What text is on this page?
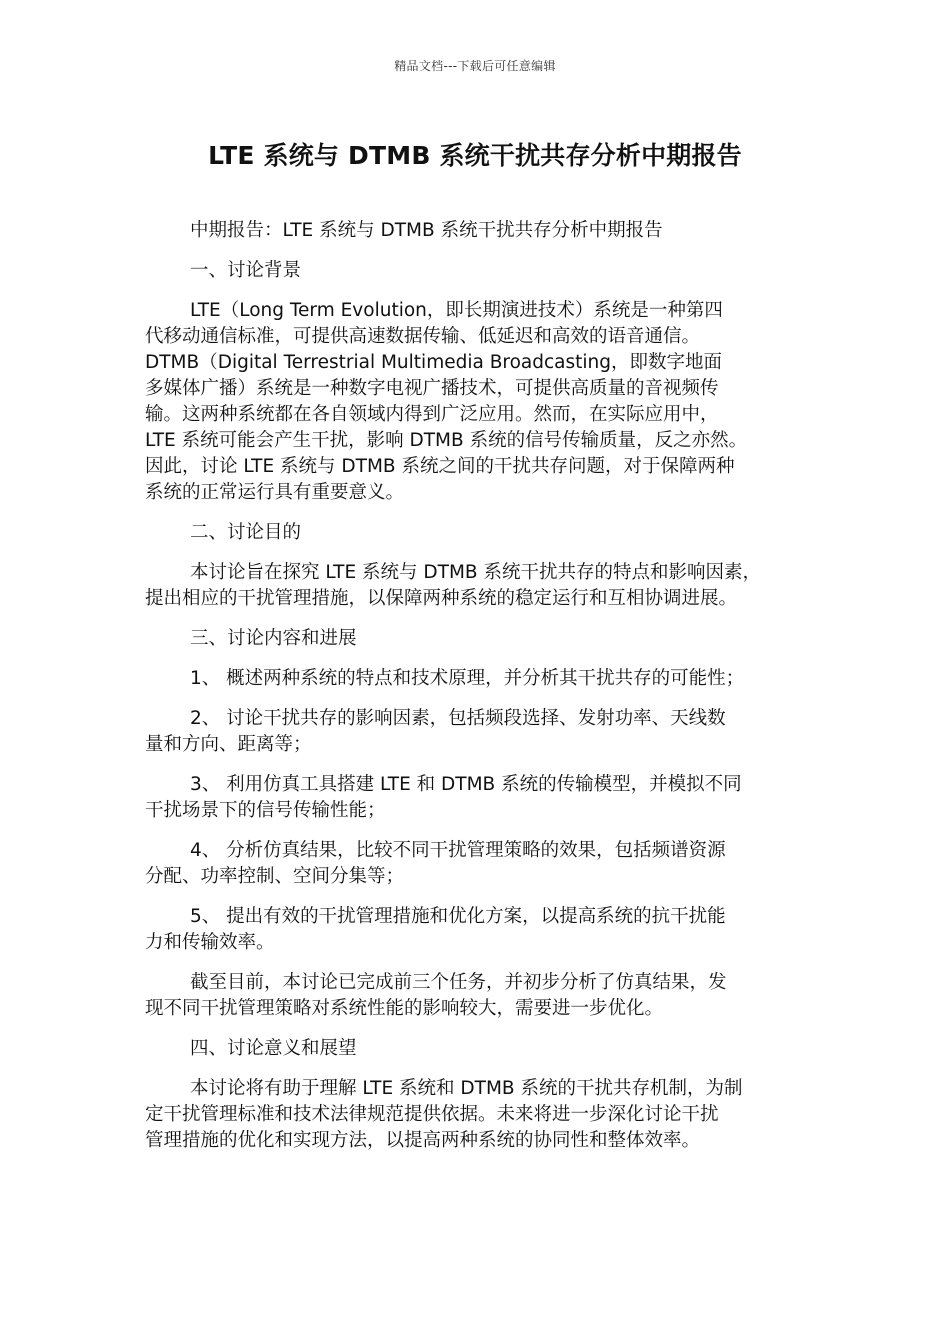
精品文档---下载后可任意编辑
LTE 系统与 DTMB 系统干扰共存分析中期报告

中期报告：LTE 系统与 DTMB 系统干扰共存分析中期报告

一、讨论背景

LTE（Long Term Evolution，即长期演进技术）系统是一种第四
代移动通信标准，可提供高速数据传输、低延迟和高效的语音通信。
DTMB（Digital Terrestrial Multimedia Broadcasting，即数字地面
多媒体广播）系统是一种数字电视广播技术，可提供高质量的音视频传
输。这两种系统都在各自领域内得到广泛应用。然而，在实际应用中，
LTE 系统可能会产生干扰，影响 DTMB 系统的信号传输质量，反之亦然。
因此，讨论 LTE 系统与 DTMB 系统之间的干扰共存问题，对于保障两种
系统的正常运行具有重要意义。

二、讨论目的

本讨论旨在探究 LTE 系统与 DTMB 系统干扰共存的特点和影响因素，
提出相应的干扰管理措施，以保障两种系统的稳定运行和互相协调进展。

三、讨论内容和进展

1、 概述两种系统的特点和技术原理，并分析其干扰共存的可能性；

2、 讨论干扰共存的影响因素，包括频段选择、发射功率、天线数
量和方向、距离等；

3、 利用仿真工具搭建 LTE 和 DTMB 系统的传输模型，并模拟不同
干扰场景下的信号传输性能；

4、 分析仿真结果，比较不同干扰管理策略的效果，包括频谱资源
分配、功率控制、空间分集等；

5、 提出有效的干扰管理措施和优化方案，以提高系统的抗干扰能
力和传输效率。

截至目前，本讨论已完成前三个任务，并初步分析了仿真结果，发
现不同干扰管理策略对系统性能的影响较大，需要进一步优化。

四、讨论意义和展望

本讨论将有助于理解 LTE 系统和 DTMB 系统的干扰共存机制，为制
定干扰管理标准和技术法律规范提供依据。未来将进一步深化讨论干扰
管理措施的优化和实现方法，以提高两种系统的协同性和整体效率。
